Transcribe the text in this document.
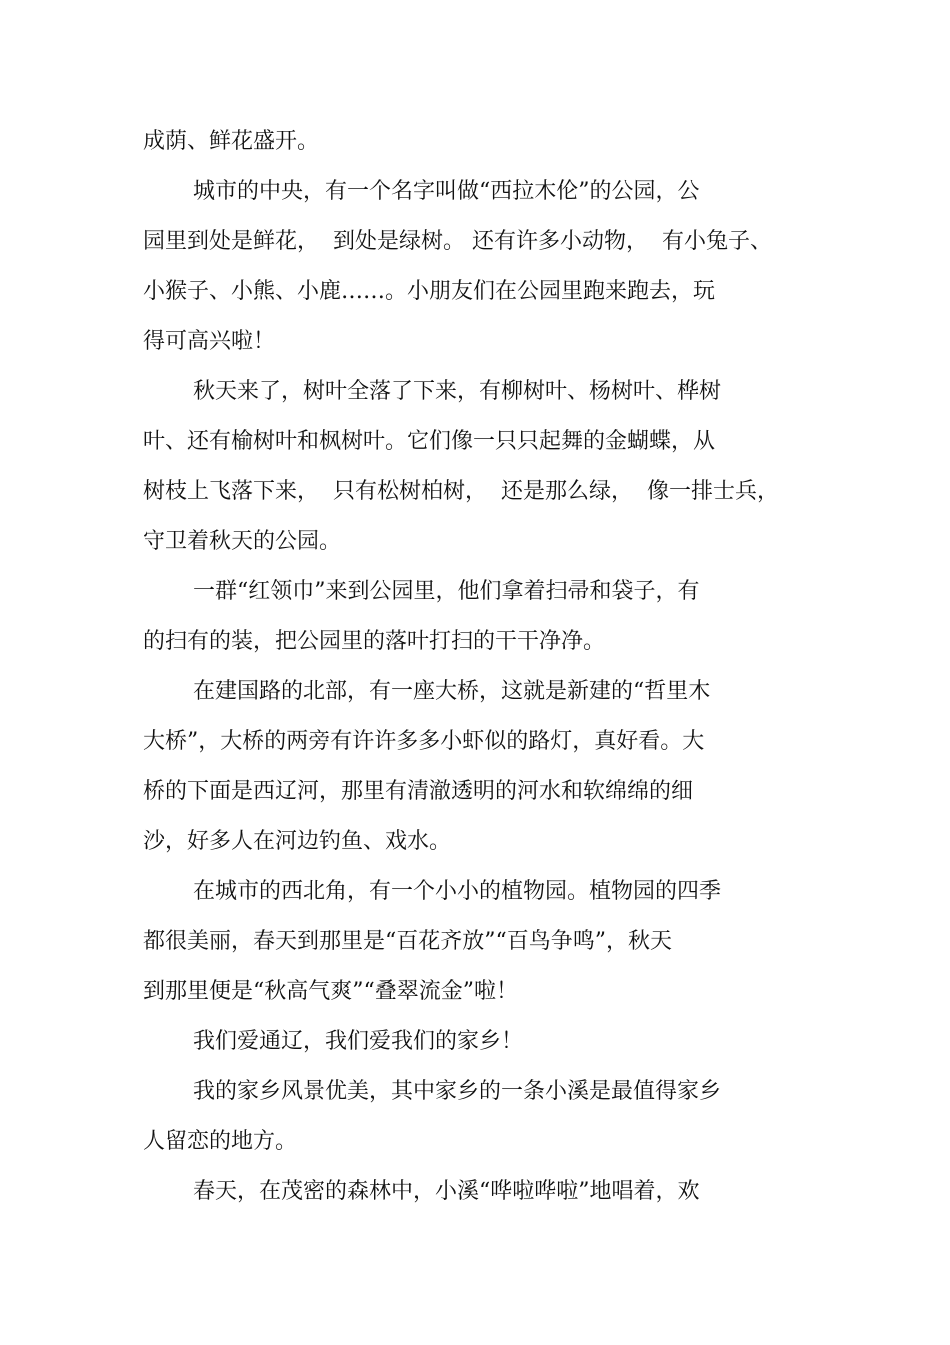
成荫、鲜花盛开。
城市的中央，有一个名字叫做“西拉木伦”的公园，公
园里到处是鲜花，  到处是绿树。 还有许多小动物，  有小兔子、
小猴子、小熊、小鹿……。小朋友们在公园里跑来跑去，玩
得可高兴啦！
秋天来了，树叶全落了下来，有柳树叶、杨树叶、桦树
叶、还有榆树叶和枫树叶。它们像一只只起舞的金蝴蝶，从
树枝上飞落下来，  只有松树柏树，  还是那么绿，  像一排士兵，
守卫着秋天的公园。
一群“红领巾”来到公园里，他们拿着扫帚和袋子，有
的扫有的装，把公园里的落叶打扫的干干净净。
在建国路的北部，有一座大桥，这就是新建的“哲里木
大桥”，大桥的两旁有许许多多小虾似的路灯，真好看。大
桥的下面是西辽河，那里有清澈透明的河水和软绵绵的细
沙，好多人在河边钓鱼、戏水。
在城市的西北角，有一个小小的植物园。植物园的四季
都很美丽，春天到那里是“百花齐放”“百鸟争鸣”，秋天
到那里便是“秋高气爽”“叠翠流金”啦！
我们爱通辽，我们爱我们的家乡！
我的家乡风景优美，其中家乡的一条小溪是最值得家乡
人留恋的地方。
春天，在茂密的森林中，小溪“哗啦哗啦”地唱着，欢
